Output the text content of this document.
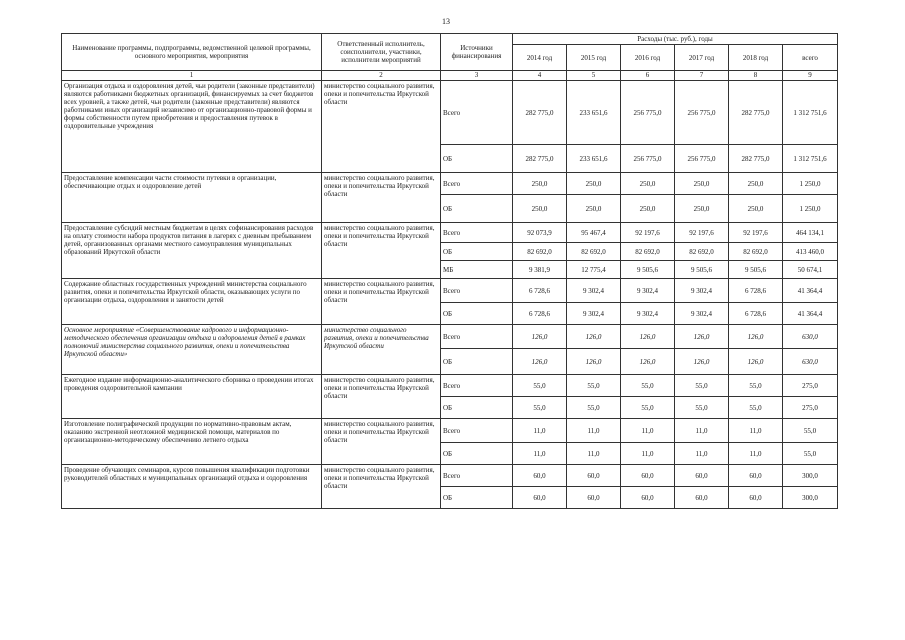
13
Наименование программы, подпрограммы, ведомственной целевой программы, основного мероприятия, мероприятия	Ответственный исполнитель, соисполнители, участники, исполнители мероприятий	Источники финансирования	Расходы (тыс. руб.), годы					
			2014 год	2015 год	2016 год	2017 год	2018 год	всего
1	2	3	4	5	6	7	8	9
Организация отдыха и оздоровления детей, чьи родители (законные представители) являются работниками бюджетных организаций, финансируемых за счет бюджетов всех уровней, а также детей, чьи родители (законные представители) являются работниками иных организаций независимо от организационно-правовой формы и формы собственности путем приобретения и предоставления путевок в оздоровительные учреждения	министерство социального развития, опеки и попечительства Иркутской области	Всего	282 775,0	233 651,6	256 775,0	256 775,0	282 775,0	1 312 751,6
		ОБ	282 775,0	233 651,6	256 775,0	256 775,0	282 775,0	1 312 751,6
Предоставление компенсации части стоимости путевки в организации, обеспечивающие отдых и оздоровление детей	министерство социального развития, опеки и попечительства Иркутской области	Всего	250,0	250,0	250,0	250,0	250,0	1 250,0
		ОБ	250,0	250,0	250,0	250,0	250,0	1 250,0
Предоставление субсидий местным бюджетам в целях софинансирования расходов на оплату стоимости набора продуктов питания в лагерях с дневным пребыванием детей, организованных органами местного самоуправления муниципальных образований Иркутской области	министерство социального развития, опеки и попечительства Иркутской области	Всего	92 073,9	95 467,4	92 197,6	92 197,6	92 197,6	464 134,1
		ОБ	82 692,0	82 692,0	82 692,0	82 692,0	82 692,0	413 460,0
		МБ	9 381,9	12 775,4	9 505,6	9 505,6	9 505,6	50 674,1
Содержание областных государственных учреждений министерства социального развития, опеки и попечительства Иркутской области, оказывающих услуги по организации отдыха, оздоровления и занятости детей	министерство социального развития, опеки и попечительства Иркутской области	Всего	6 728,6	9 302,4	9 302,4	9 302,4	6 728,6	41 364,4
		ОБ	6 728,6	9 302,4	9 302,4	9 302,4	6 728,6	41 364,4
Основное мероприятие «Совершенствование кадрового и информационно-методического обеспечения организации отдыха и оздоровления детей в рамках полномочий министерства социального развития, опеки и попечительства Иркутской области»	министерство социального развития, опеки и попечительства Иркутской области	Всего	126,0	126,0	126,0	126,0	126,0	630,0
		ОБ	126,0	126,0	126,0	126,0	126,0	630,0
Ежегодное издание информационно-аналитического сборника о проведении итогах проведения оздоровительной кампании	министерство социального развития, опеки и попечительства Иркутской области	Всего	55,0	55,0	55,0	55,0	55,0	275,0
		ОБ	55,0	55,0	55,0	55,0	55,0	275,0
Изготовление полиграфической продукции по нормативно-правовым актам, оказанию экстренной неотложной медицинской помощи, материалов по организационно-методическому обеспечению летнего отдыха	министерство социального развития, опеки и попечительства Иркутской области	Всего	11,0	11,0	11,0	11,0	11,0	55,0
		ОБ	11,0	11,0	11,0	11,0	11,0	55,0
Проведение обучающих семинаров, курсов повышения квалификации подготовки руководителей областных и муниципальных организаций отдыха и оздоровления	министерство социального развития, опеки и попечительства Иркутской области	Всего	60,0	60,0	60,0	60,0	60,0	300,0
		ОБ	60,0	60,0	60,0	60,0	60,0	300,0
